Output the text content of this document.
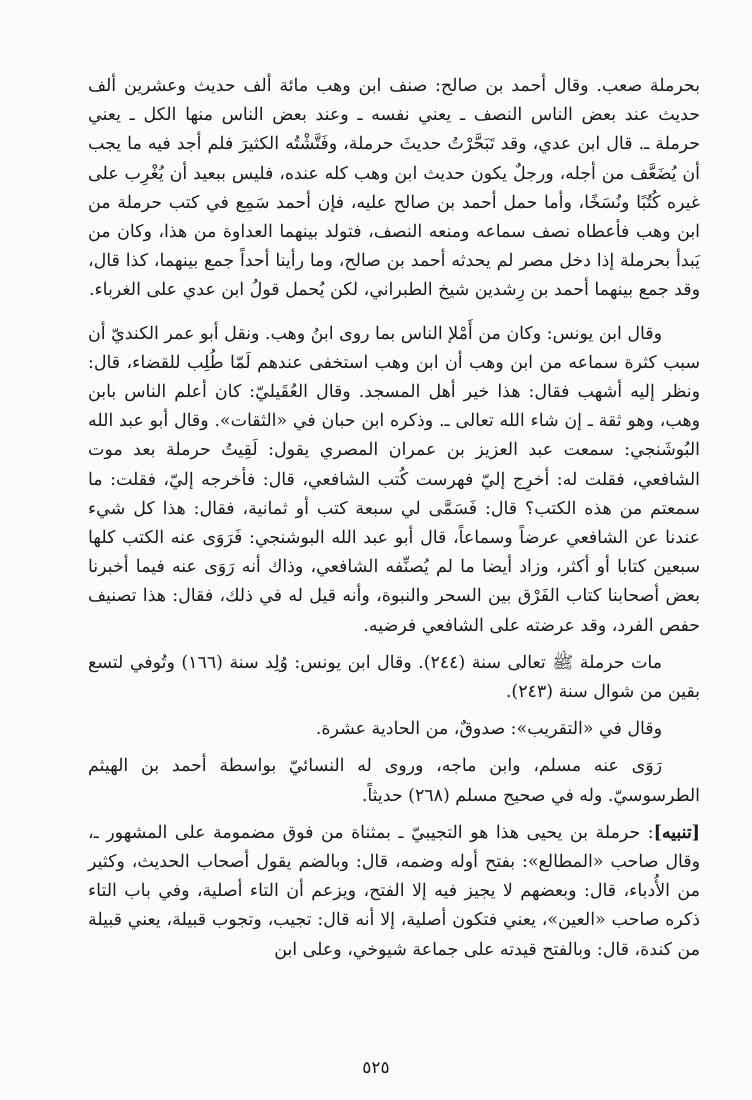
بحرملة صعب. وقال أحمد بن صالح: صنف ابن وهب مائة ألف حديث وعشرين ألف حديث عند بعض الناس النصف ـ يعني نفسه ـ وعند بعض الناس منها الكل ـ يعني حرملة ـ. قال ابن عدي، وقد تَبَحَّرْتُ حديثَ حرملة، وفَتَّشْتُه الكثيرَ فلم أجد فيه ما يجب أن يُضَعَّف من أجله، ورجلٌ يكون حديث ابن وهب كله عنده، فليس ببعيد أن يُغْرِب على غيره كُتُبًا ونُسَخًا، وأما حمل أحمد بن صالح عليه، فإن أحمد سَمِع في كتب حرملة من ابن وهب فأعطاه نصف سماعه ومنعه النصف، فتولد بينهما العداوة من هذا، وكان من يَبدأ بحرملة إذا دخل مصر لم يحدثه أحمد بن صالح، وما رأينا أحداً جمع بينهما، كذا قال، وقد جمع بينهما أحمد بن رِشدين شيخ الطبراني، لكن يُحمل قولُ ابن عدي على الغرباء.

وقال ابن يونس: وكان من أَمْلإ الناس بما روى ابنُ وهب. ونقل أبو عمر الكنديّ أن سبب كثرة سماعه من ابن وهب أن ابن وهب استخفى عندهم لَمّا طُلِب للقضاء، قال: ونظر إليه أشهب فقال: هذا خير أهل المسجد. وقال العُقَيليّ: كان أعلم الناس بابن وهب، وهو ثقة ـ إن شاء الله تعالى ـ. وذكره ابن حبان في «الثقات». وقال أبو عبد الله البُوشَنجي: سمعت عبد العزيز بن عمران المصري يقول: لَقِيتُ حرملة بعد موت الشافعي، فقلت له: أخرِج إليّ فهرست كُتب الشافعي، قال: فأخرجه إليّ، فقلت: ما سمعتم من هذه الكتب؟ قال: فَسَمَّى لي سبعة كتب أو ثمانية، فقال: هذا كل شيء عندنا عن الشافعي عرضاً وسماعاً، قال أبو عبد الله البوشنجي: فَرَوَى عنه الكتب كلها سبعين كتابا أو أكثر، وزاد أيضا ما لم يُصنِّفه الشافعي، وذاك أنه رَوَى عنه فيما أخبرنا بعض أصحابنا كتاب الفَرْق بين السحر والنبوة، وأنه قيل له في ذلك، فقال: هذا تصنيف حفص الفرد، وقد عرضته على الشافعي فرضيه.

مات حرملة ﷺ تعالى سنة (٢٤٤). وقال ابن يونس: وُلِد سنة (١٦٦) وتُوفي لتسع بقين من شوال سنة (٢٤٣).

وقال في «التقريب»: صدوقٌ، من الحادية عشرة.

رَوَى عنه مسلم، وابن ماجه، وروى له النسائيّ بواسطة أحمد بن الهيثم الطرسوسيّ. وله في صحيح مسلم (٢٦٨) حديثاً.

[تنبيه]: حرملة بن يحيى هذا هو التجيبيّ ـ بمثناة من فوق مضمومة على المشهور ـ، وقال صاحب «المطالع»: بفتح أوله وضمه، قال: وبالضم يقول أصحاب الحديث، وكثير من الأُدباء، قال: وبعضهم لا يجيز فيه إلا الفتح، ويزعم أن التاء أصلية، وفي باب التاء ذكره صاحب «العين»، يعني فتكون أصلية، إلا أنه قال: تجيب، وتجوب قبيلة، يعني قبيلة من كندة، قال: وبالفتح قيدته على جماعة شيوخي، وعلى ابن

٥٢٥
